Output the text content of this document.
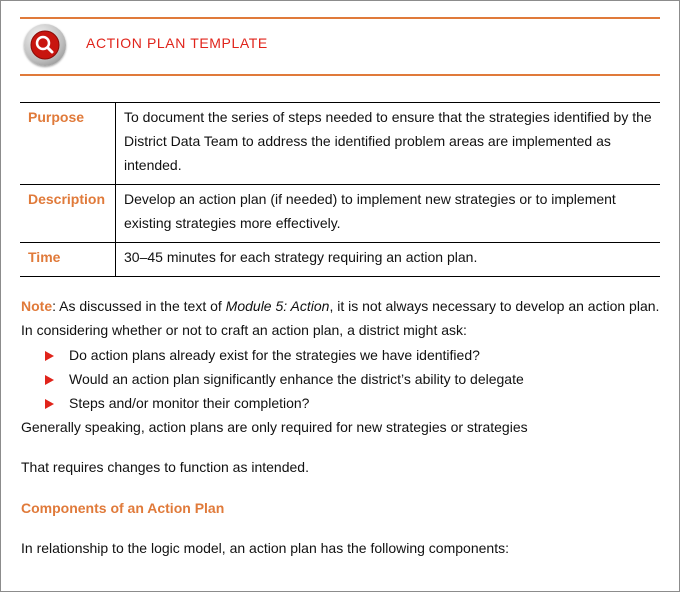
ACTION PLAN TEMPLATE
Purpose	To document the series of steps needed to ensure that the strategies identified by the
District Data Team to address the identified problem areas are implemented as
intended.

Description	Develop an action plan (if needed) to implement new strategies or to implement
existing strategies more effectively.

Time	30–45 minutes for each strategy requiring an action plan.
Note: As discussed in the text of Module 5: Action, it is not always necessary to develop an action plan.
In considering whether or not to craft an action plan, a district might ask:
Do action plans already exist for the strategies we have identified?
Would an action plan significantly enhance the district’s ability to delegate
Steps and/or monitor their completion?
Generally speaking, action plans are only required for new strategies or strategies
That requires changes to function as intended.
Components of an Action Plan
In relationship to the logic model, an action plan has the following components:
